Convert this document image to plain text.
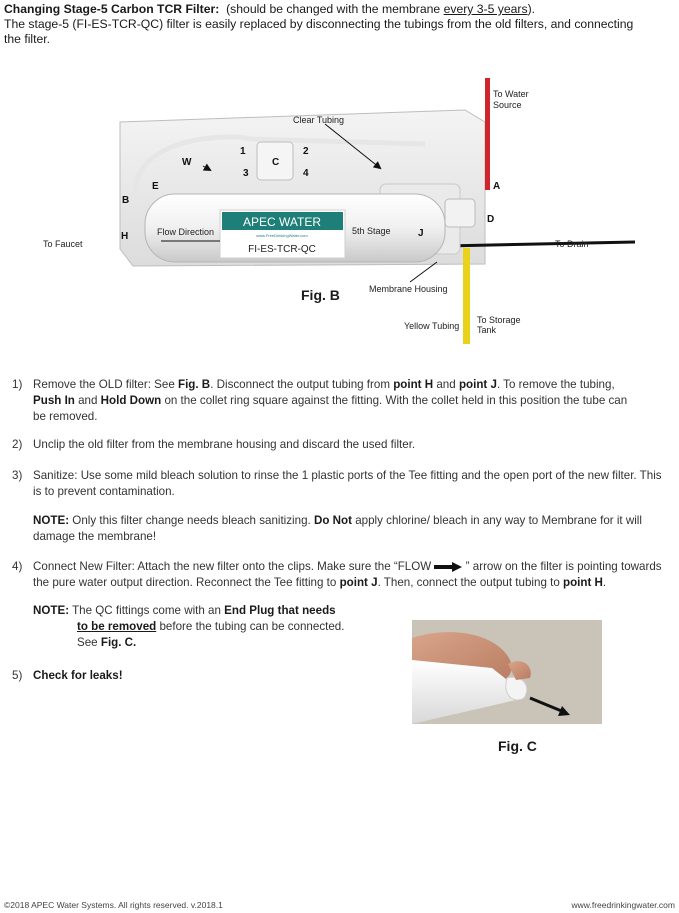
Changing Stage-5 Carbon TCR Filter: (should be changed with the membrane every 3-5 years).
The stage-5 (FI-ES-TCR-QC) filter is easily replaced by disconnecting the tubings from the old filters, and connecting
the filter.
APEC WATER
www.FreeDrinkingWater.com
FI-ES-TCR-QC
W
E
B
H
1	2
3	4
C
A
D
J
To Water
Source
Clear Tubing
To Faucet
Flow Direction	5th Stage
To Drain
Membrane Housing
Yellow Tubing
To Storage
Tank
Fig. B
1) Remove the OLD filter: See Fig. B. Disconnect the output tubing from point H and point J. To remove the tubing,
Push In and Hold Down on the collet ring square against the fitting. With the collet held in this position the tube can
be removed.
2) Unclip the old filter from the membrane housing and discard the used filter.
3) Sanitize: Use some mild bleach solution to rinse the 1 plastic ports of the Tee fitting and the open port of the new filter. This
is to prevent contamination.
NOTE: Only this filter change needs bleach sanitizing. Do Not apply chlorine/ bleach in any way to Membrane for it will
damage the membrane!
4) Connect New Filter: Attach the new filter onto the clips. Make sure the “FLOW	” arrow on the filter is pointing towards
the pure water output direction. Reconnect the Tee fitting to point J. Then, connect the output tubing to point H.
NOTE: The QC fittings come with an End Plug that needs
to be removed before the tubing can be connected.
See Fig. C.
5) Check for leaks!
Fig. C
©2018 APEC Water Systems. All rights reserved. v.2018.1	www.freedrinkingwater.com
